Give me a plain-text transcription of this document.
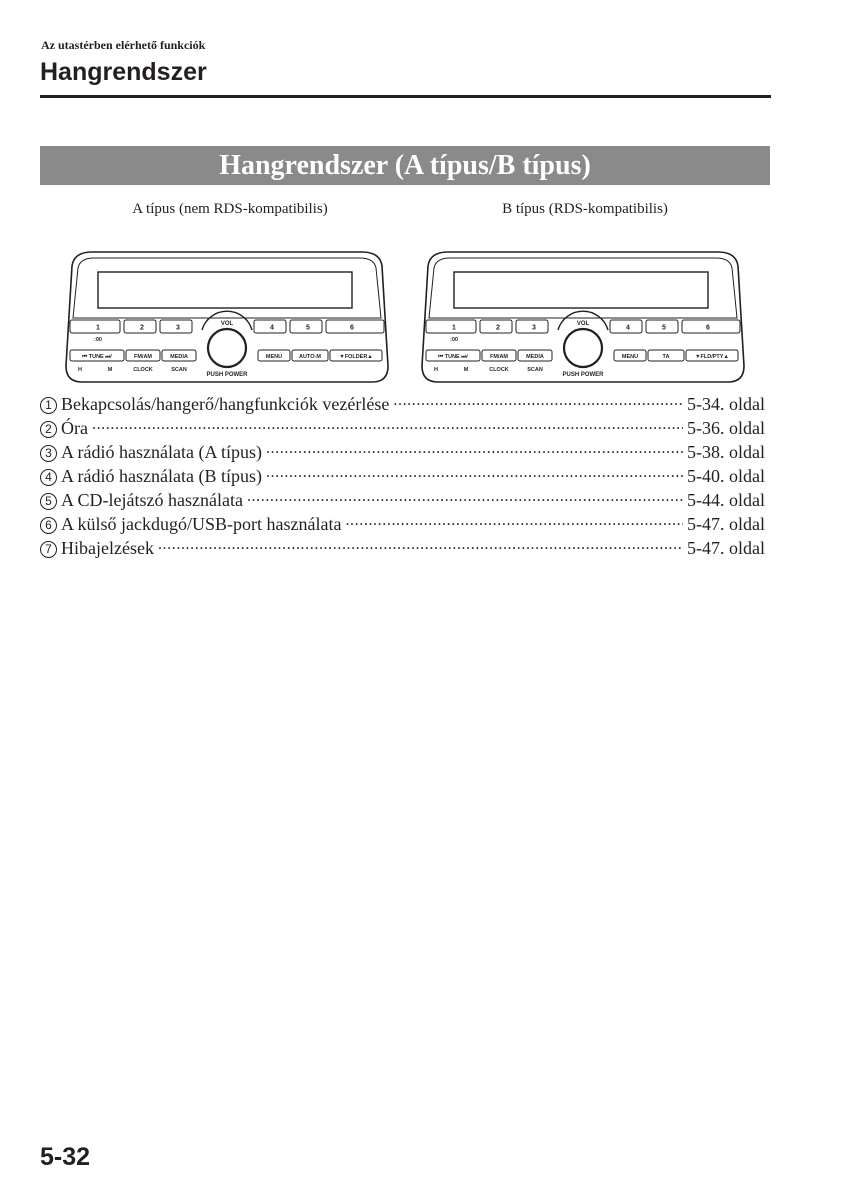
Az utastérben elérhető funkciók
Hangrendszer
Hangrendszer (A típus/B típus)
A típus (nem RDS-kompatibilis)	B típus (RDS-kompatibilis)
1	2	3	4	5	6
:00
VOL
PUSH POWER
⏮ TUNE ⏭/	FM/AM	MEDIA	MENU	AUTO-M	▼FOLDER▲
H	M	CLOCK	SCAN
1	2	3	4	5	6
:00
VOL
PUSH POWER
⏮ TUNE ⏭/	FM/AM	MEDIA	MENU	TA	▼FLD/PTY▲
H	M	CLOCK	SCAN
1 Bekapcsolás/hangerő/hangfunkciók vezérlése .....	5-34. oldal
2 Óra .....	5-36. oldal
3 A rádió használata (A típus) .....	5-38. oldal
4 A rádió használata (B típus) .....	5-40. oldal
5 A CD-lejátszó használata .....	5-44. oldal
6 A külső jackdugó/USB-port használata .....	5-47. oldal
7 Hibajelzések .....	5-47. oldal
5-32
